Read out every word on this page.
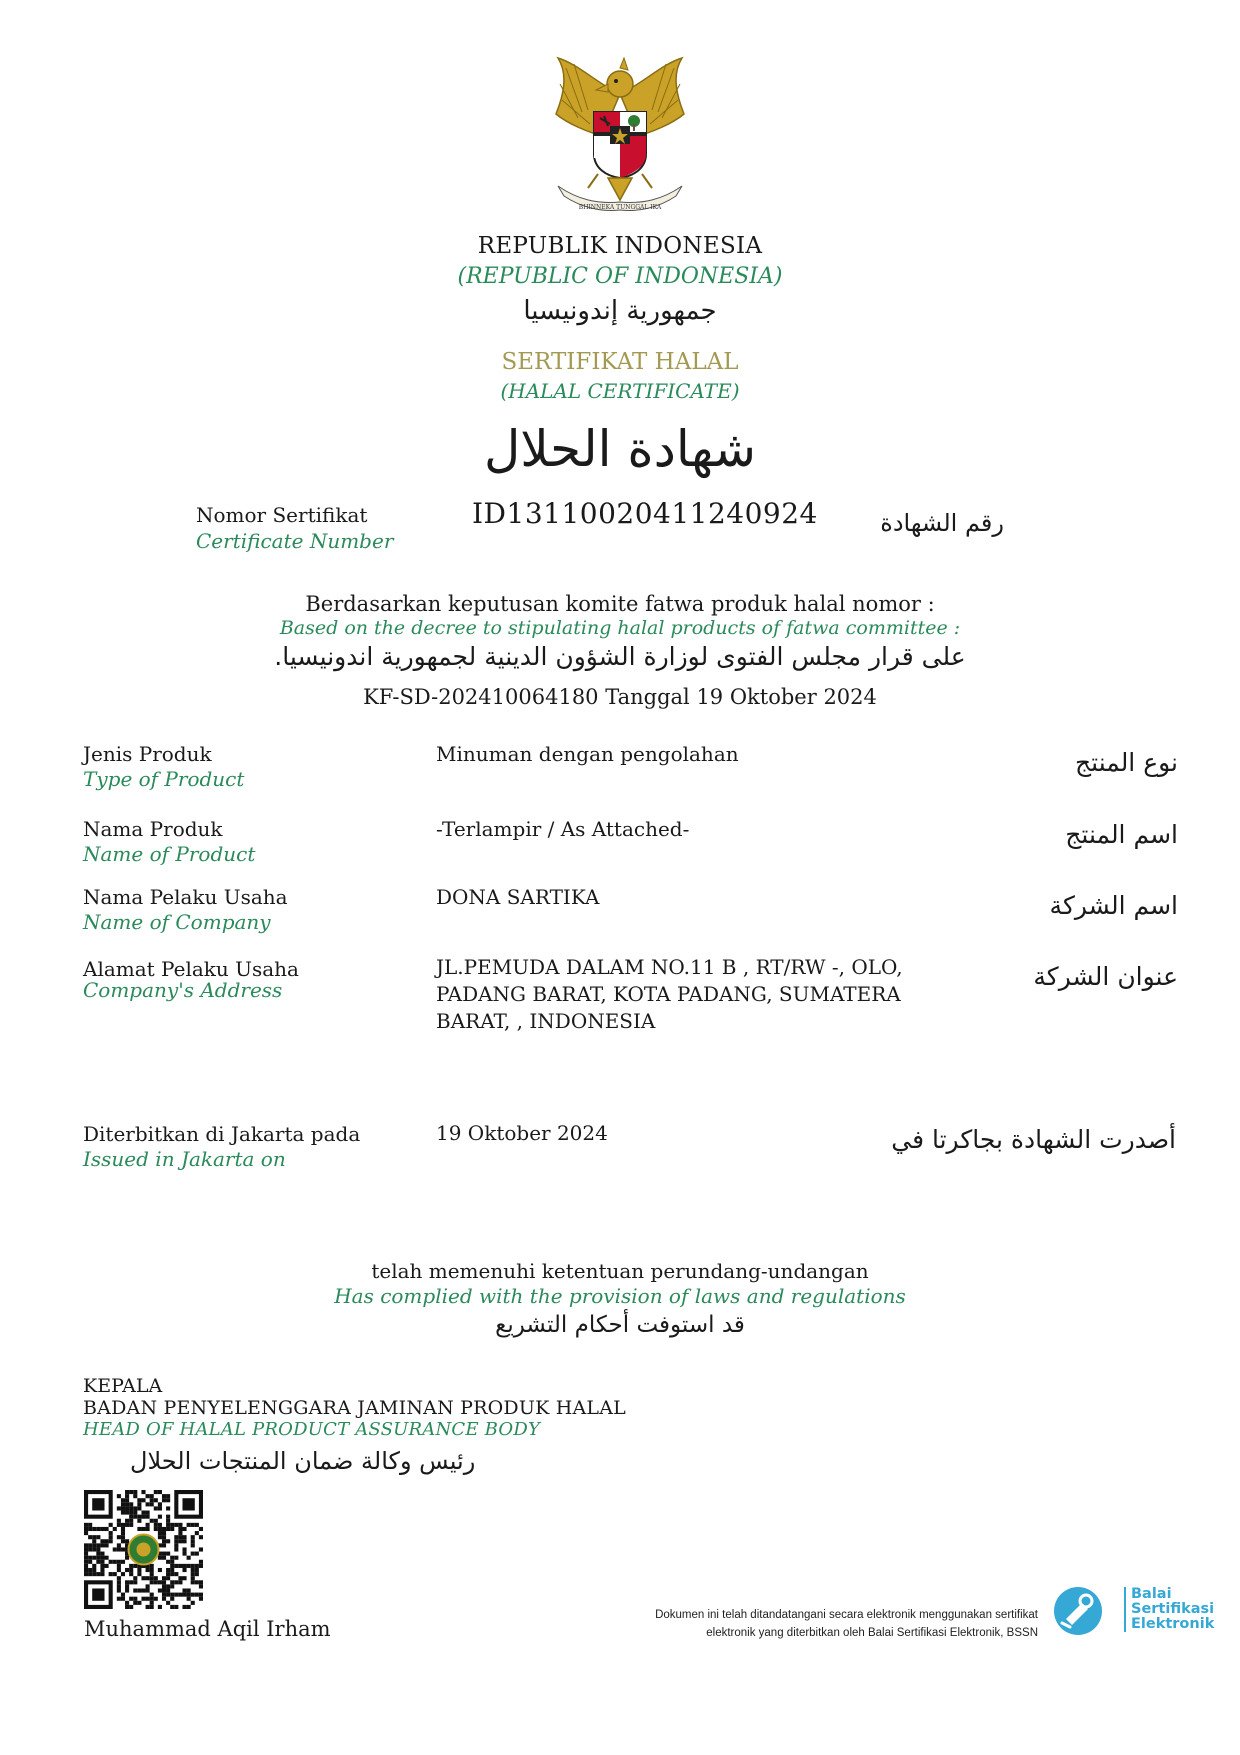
BHINNEKA TUNGGAL IKA
REPUBLIK INDONESIA
(REPUBLIC OF INDONESIA)
جمهورية إندونيسيا
SERTIFIKAT HALAL
(HALAL CERTIFICATE)
شهادة الحلال
Nomor Sertifikat
Certificate Number
ID13110020411240924	رقم الشهادة
Berdasarkan keputusan komite fatwa produk halal nomor :
Based on the decree to stipulating halal products of fatwa committee :
على قرار مجلس الفتوى لوزارة الشؤون الدينية لجمهورية اندونيسيا.
KF-SD-202410064180 Tanggal 19 Oktober 2024
Jenis Produk
Type of Product
Minuman dengan pengolahan	نوع المنتج
Nama Produk
Name of Product
-Terlampir / As Attached-	اسم المنتج
Nama Pelaku Usaha
Name of Company
DONA SARTIKA	اسم الشركة
Alamat Pelaku Usaha
Company's Address
JL.PEMUDA DALAM NO.11 B , RT/RW -, OLO, PADANG BARAT, KOTA PADANG, SUMATERA BARAT, , INDONESIA
عنوان الشركة
Diterbitkan di Jakarta pada
Issued in Jakarta on
19 Oktober 2024	أصدرت الشهادة بجاكرتا في
telah memenuhi ketentuan perundang-undangan
Has complied with the provision of laws and regulations
قد استوفت أحكام التشريع
KEPALA
BADAN PENYELENGGARA JAMINAN PRODUK HALAL
HEAD OF HALAL PRODUCT ASSURANCE BODY
رئيس وكالة ضمان المنتجات الحلال
Muhammad Aqil Irham
Dokumen ini telah ditandatangani secara elektronik menggunakan sertifikat
elektronik yang diterbitkan oleh Balai Sertifikasi Elektronik, BSSN
Balai
Sertifikasi
Elektronik
